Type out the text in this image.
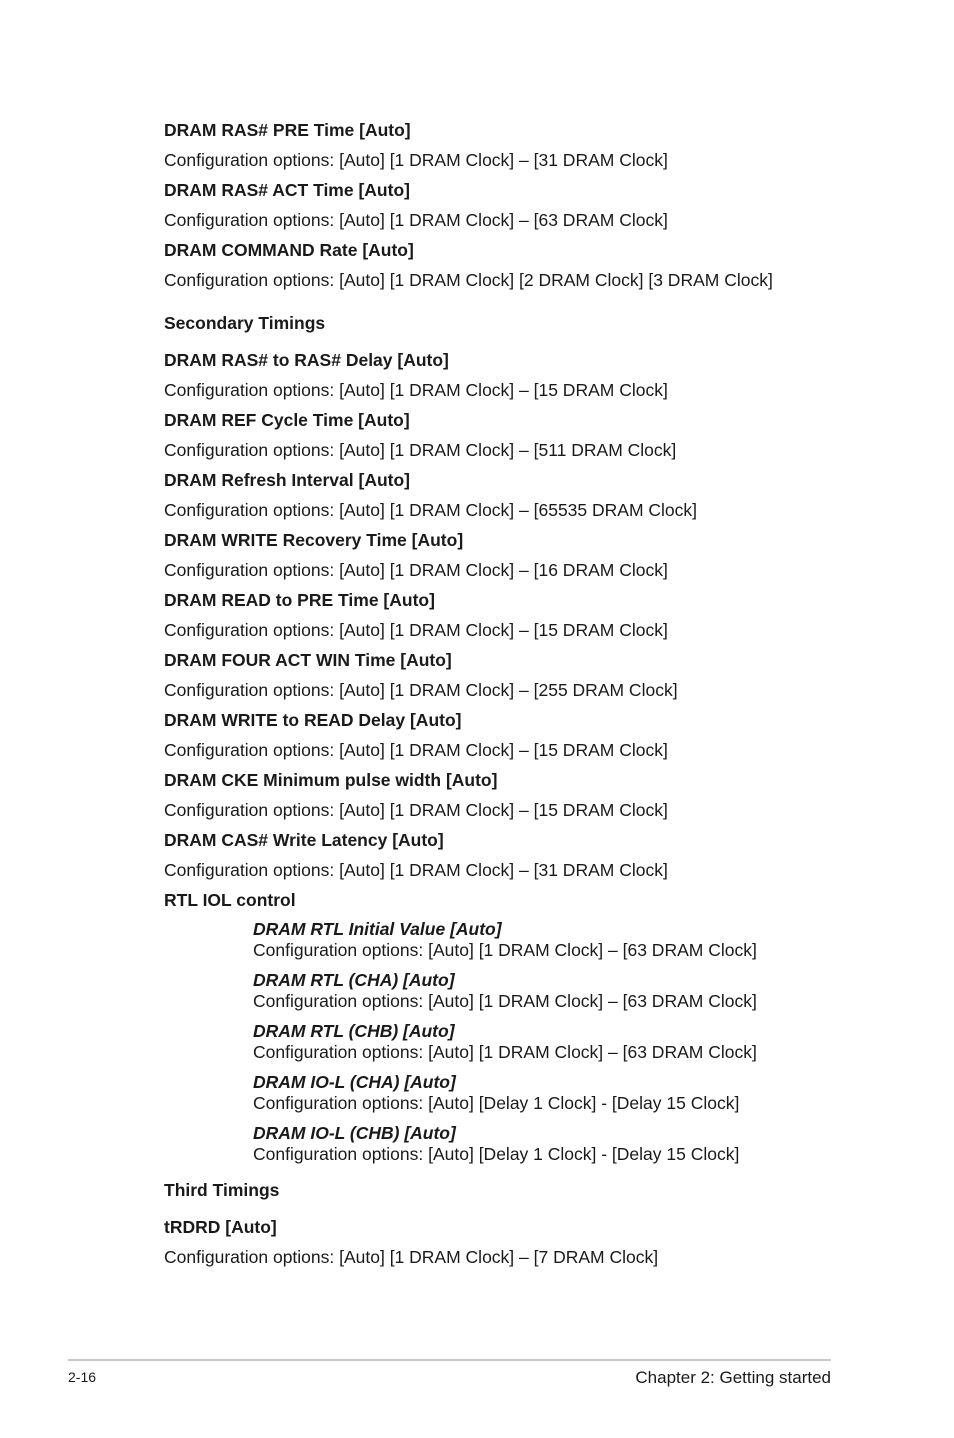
DRAM RAS# PRE Time [Auto]
Configuration options: [Auto] [1 DRAM Clock] – [31 DRAM Clock]
DRAM RAS# ACT Time [Auto]
Configuration options: [Auto] [1 DRAM Clock] – [63 DRAM Clock]
DRAM COMMAND Rate [Auto]
Configuration options: [Auto] [1 DRAM Clock] [2 DRAM Clock] [3 DRAM Clock]
Secondary Timings
DRAM RAS# to RAS# Delay [Auto]
Configuration options: [Auto] [1 DRAM Clock] – [15 DRAM Clock]
DRAM REF Cycle Time [Auto]
Configuration options: [Auto] [1 DRAM Clock] – [511 DRAM Clock]
DRAM Refresh Interval [Auto]
Configuration options: [Auto] [1 DRAM Clock] – [65535 DRAM Clock]
DRAM WRITE Recovery Time [Auto]
Configuration options: [Auto] [1 DRAM Clock] – [16 DRAM Clock]
DRAM READ to PRE Time [Auto]
Configuration options: [Auto] [1 DRAM Clock] – [15 DRAM Clock]
DRAM FOUR ACT WIN Time [Auto]
Configuration options: [Auto] [1 DRAM Clock] – [255 DRAM Clock]
DRAM WRITE to READ Delay [Auto]
Configuration options: [Auto] [1 DRAM Clock] – [15 DRAM Clock]
DRAM CKE Minimum pulse width [Auto]
Configuration options: [Auto] [1 DRAM Clock] – [15 DRAM Clock]
DRAM CAS# Write Latency [Auto]
Configuration options: [Auto] [1 DRAM Clock] – [31 DRAM Clock]
RTL IOL control
DRAM RTL Initial Value [Auto]
Configuration options: [Auto] [1 DRAM Clock] – [63 DRAM Clock]
DRAM RTL (CHA) [Auto]
Configuration options: [Auto] [1 DRAM Clock] – [63 DRAM Clock]
DRAM RTL (CHB) [Auto]
Configuration options: [Auto] [1 DRAM Clock] – [63 DRAM Clock]
DRAM IO-L (CHA) [Auto]
Configuration options: [Auto] [Delay 1 Clock] - [Delay 15 Clock]
DRAM IO-L (CHB) [Auto]
Configuration options: [Auto] [Delay 1 Clock] - [Delay 15 Clock]
Third Timings
tRDRD [Auto]
Configuration options: [Auto] [1 DRAM Clock] – [7 DRAM Clock]
2-16	Chapter 2: Getting started
